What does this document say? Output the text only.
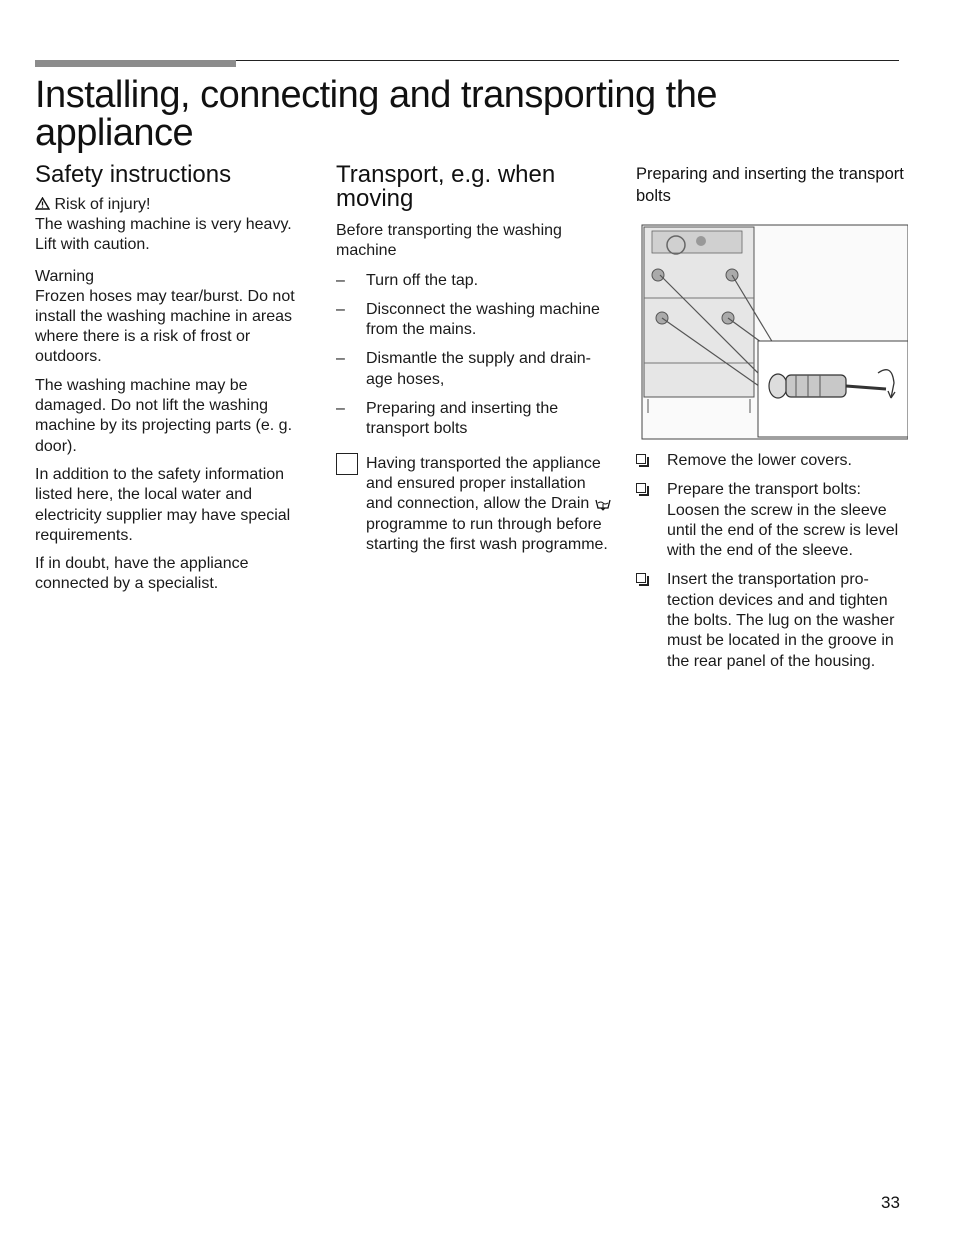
Installing, connecting and transporting the appliance
Safety instructions

Risk of injury!

The washing machine is very heavy. Lift with caution.

Warning

Frozen hoses may tear/burst. Do not install the washing machine in areas where there is a risk of frost or outdoors.

The washing machine may be damaged. Do not lift the washing machine by its projecting parts (e. g. door).

In addition to the safety information listed here, the local water and electricity supplier may have special requirements.

If in doubt, have the appliance connected by a specialist.

Transport, e.g. when moving

Before transporting the washing machine

– Turn off the tap.
– Disconnect the washing machine from the mains.
– Dismantle the supply and drain-age hoses,
– Preparing and inserting the transport bolts

Having transported the appliance and ensured proper installation and connection, allow the Drain  programme to run through before starting the first wash programme.

Preparing and inserting the transport bolts
Remove the lower covers.
Prepare the transport bolts: Loosen the screw in the sleeve until the end of the screw is level with the end of the sleeve.
Insert the transportation pro-tection devices and and tighten the bolts. The lug on the washer must be located in the groove in the rear panel of the housing.

33
